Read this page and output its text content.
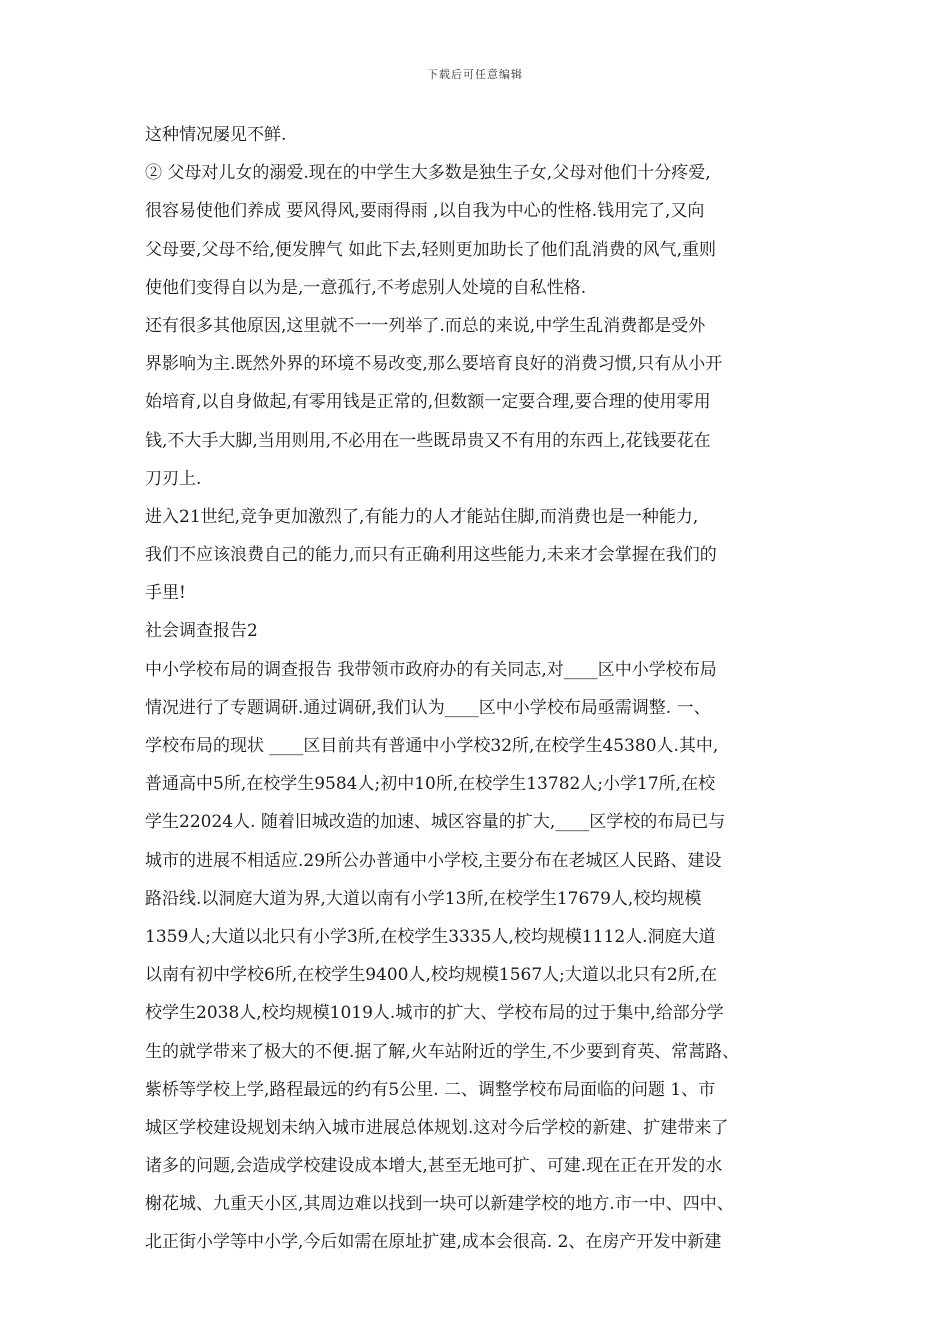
下载后可任意编辑
这种情况屡见不鲜.
② 父母对儿女的溺爱.现在的中学生大多数是独生子女,父母对他们十分疼爱,
很容易使他们养成 要风得风,要雨得雨 ,以自我为中心的性格.钱用完了,又向
父母要,父母不给,便发脾气 如此下去,轻则更加助长了他们乱消费的风气,重则
使他们变得自以为是,一意孤行,不考虑别人处境的自私性格.
还有很多其他原因,这里就不一一列举了.而总的来说,中学生乱消费都是受外
界影响为主.既然外界的环境不易改变,那么要培育良好的消费习惯,只有从小开
始培育,以自身做起,有零用钱是正常的,但数额一定要合理,要合理的使用零用
钱,不大手大脚,当用则用,不必用在一些既昂贵又不有用的东西上,花钱要花在
刀刃上.
进入21世纪,竞争更加激烈了,有能力的人才能站住脚,而消费也是一种能力,
我们不应该浪费自己的能力,而只有正确利用这些能力,未来才会掌握在我们的
手里!
社会调查报告2
中小学校布局的调查报告 我带领市政府办的有关同志,对____区中小学校布局
情况进行了专题调研.通过调研,我们认为____区中小学校布局亟需调整. 一、
学校布局的现状 ____区目前共有普通中小学校32所,在校学生45380人.其中,
普通高中5所,在校学生9584人;初中10所,在校学生13782人;小学17所,在校
学生22024人. 随着旧城改造的加速、城区容量的扩大,____区学校的布局已与
城市的进展不相适应.29所公办普通中小学校,主要分布在老城区人民路、建设
路沿线.以洞庭大道为界,大道以南有小学13所,在校学生17679人,校均规模
1359人;大道以北只有小学3所,在校学生3335人,校均规模1112人.洞庭大道
以南有初中学校6所,在校学生9400人,校均规模1567人;大道以北只有2所,在
校学生2038人,校均规模1019人.城市的扩大、学校布局的过于集中,给部分学
生的就学带来了极大的不便.据了解,火车站附近的学生,不少要到育英、常蒿路、
紫桥等学校上学,路程最远的约有5公里. 二、调整学校布局面临的问题 1、市
城区学校建设规划未纳入城市进展总体规划.这对今后学校的新建、扩建带来了
诸多的问题,会造成学校建设成本增大,甚至无地可扩、可建.现在正在开发的水
榭花城、九重天小区,其周边难以找到一块可以新建学校的地方.市一中、四中、
北正街小学等中小学,今后如需在原址扩建,成本会很高. 2、在房产开发中新建
